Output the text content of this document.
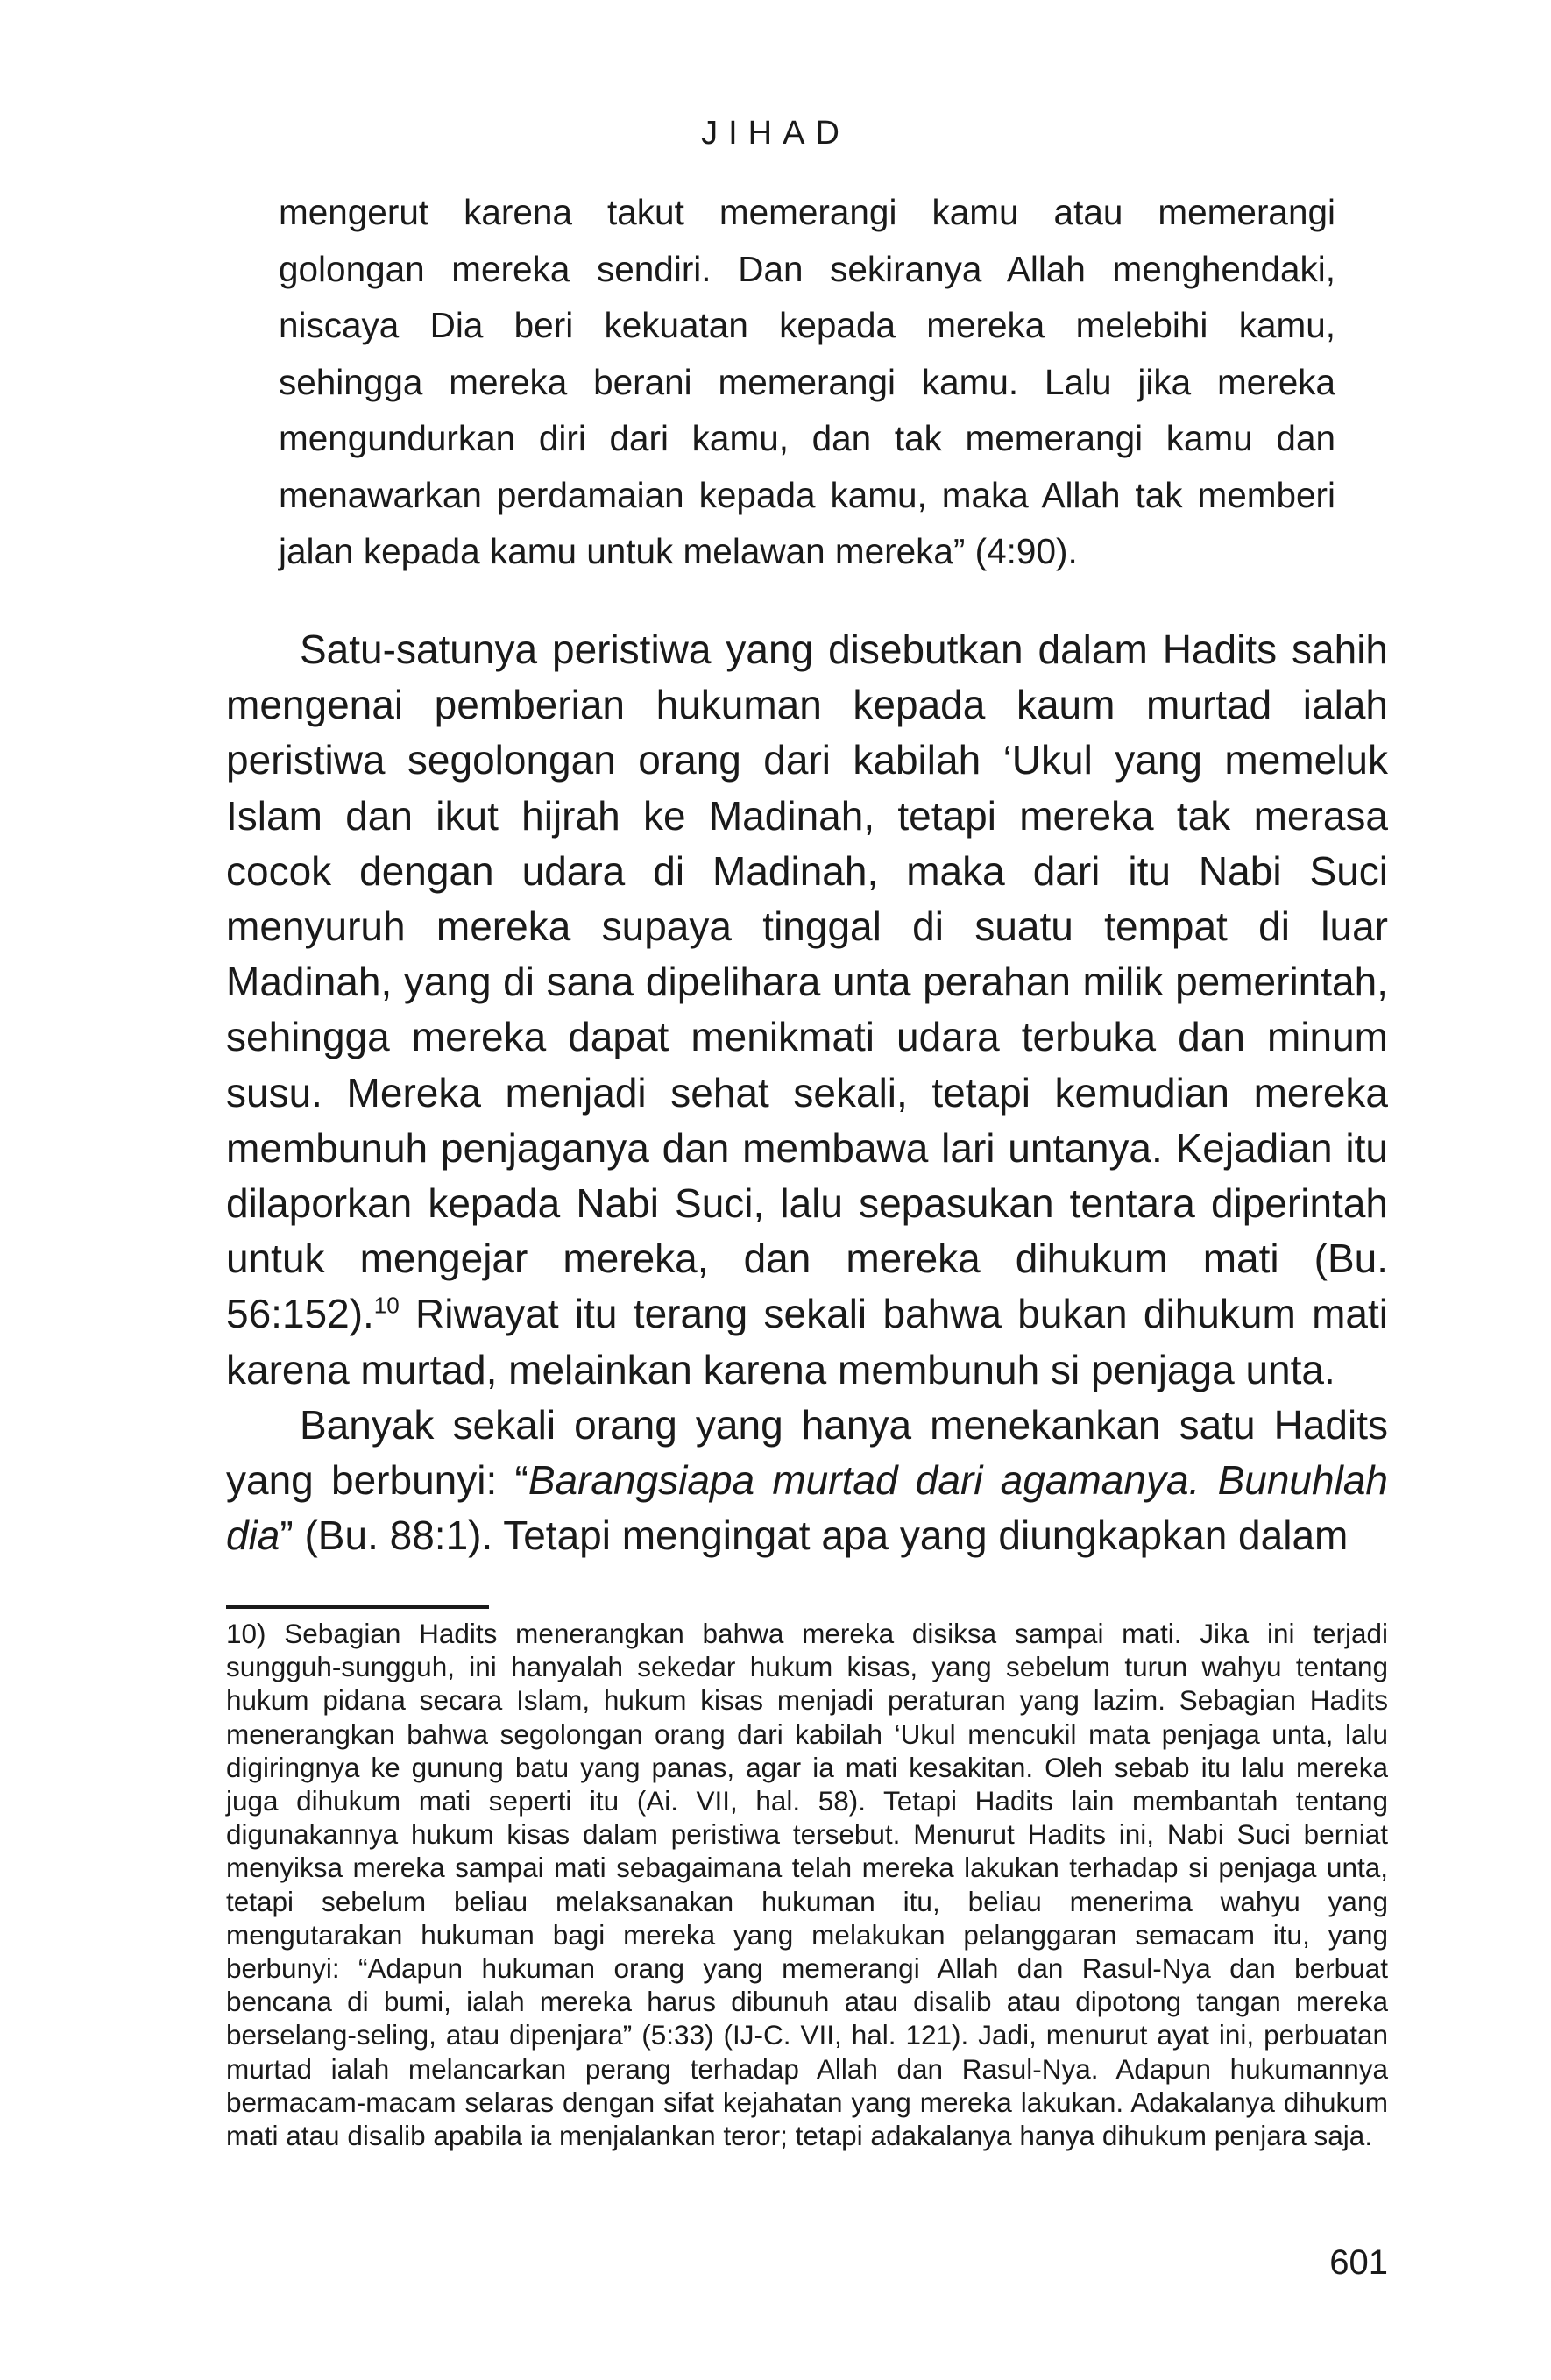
JIHAD
mengerut karena takut memerangi kamu atau memerangi golongan mereka sendiri. Dan sekiranya Allah menghendaki, niscaya Dia beri kekuatan kepada mereka melebihi kamu, sehingga mereka berani memerangi kamu. Lalu jika mereka mengundurkan diri dari kamu, dan tak memerangi kamu dan menawarkan perdamaian kepada kamu, maka Allah tak memberi jalan kepada kamu untuk melawan mereka” (4:90).

Satu-satunya peristiwa yang disebutkan dalam Hadits sahih mengenai pemberian hukuman kepada kaum murtad ialah peristiwa segolongan orang dari kabilah ‘Ukul yang memeluk Islam dan ikut hijrah ke Madinah, tetapi mereka tak merasa cocok dengan udara di Madinah, maka dari itu Nabi Suci menyuruh mereka supaya tinggal di suatu tempat di luar Madinah, yang di sana dipelihara unta perahan milik pemerintah, sehingga mereka dapat menikmati udara terbuka dan minum susu. Mereka menjadi sehat sekali, tetapi kemudian mereka membunuh penjaganya dan membawa lari untanya. Kejadian itu dilaporkan kepada Nabi Suci, lalu sepasukan tentara diperintah untuk mengejar mereka, dan mereka dihukum mati (Bu. 56:152).$^{10}$ Riwayat itu terang sekali bahwa bukan dihukum mati karena murtad, melainkan karena membunuh si penjaga unta.

Banyak sekali orang yang hanya menekankan satu Hadits yang berbunyi: “Barangsiapa murtad dari agamanya. Bunuhlah dia” (Bu. 88:1). Tetapi mengingat apa yang diungkapkan dalam

10) Sebagian Hadits menerangkan bahwa mereka disiksa sampai mati. Jika ini terjadi sungguh-sungguh, ini hanyalah sekedar hukum kisas, yang sebelum turun wahyu tentang hukum pidana secara Islam, hukum kisas menjadi peraturan yang lazim. Sebagian Hadits menerangkan bahwa segolongan orang dari kabilah ‘Ukul mencukil mata penjaga unta, lalu digiringnya ke gunung batu yang panas, agar ia mati kesakitan. Oleh sebab itu lalu mereka juga dihukum mati seperti itu (Ai. VII, hal. 58). Tetapi Hadits lain membantah tentang digunakannya hukum kisas dalam peristiwa tersebut. Menurut Hadits ini, Nabi Suci berniat menyiksa mereka sampai mati sebagaimana telah mereka lakukan terhadap si penjaga unta, tetapi sebelum beliau melaksanakan hukuman itu, beliau menerima wahyu yang mengutarakan hukuman bagi mereka yang melakukan pelanggaran semacam itu, yang berbunyi: “Adapun hukuman orang yang memerangi Allah dan Rasul-Nya dan berbuat bencana di bumi, ialah mereka harus dibunuh atau disalib atau dipotong tangan mereka berselang-seling, atau dipenjara” (5:33) (IJ-C. VII, hal. 121). Jadi, menurut ayat ini, perbuatan murtad ialah melancarkan perang terhadap Allah dan Rasul-Nya. Adapun hukumannya bermacam-macam selaras dengan sifat kejahatan yang mereka lakukan. Adakalanya dihukum mati atau disalib apabila ia menjalankan teror; tetapi adakalanya hanya dihukum penjara saja.

601
